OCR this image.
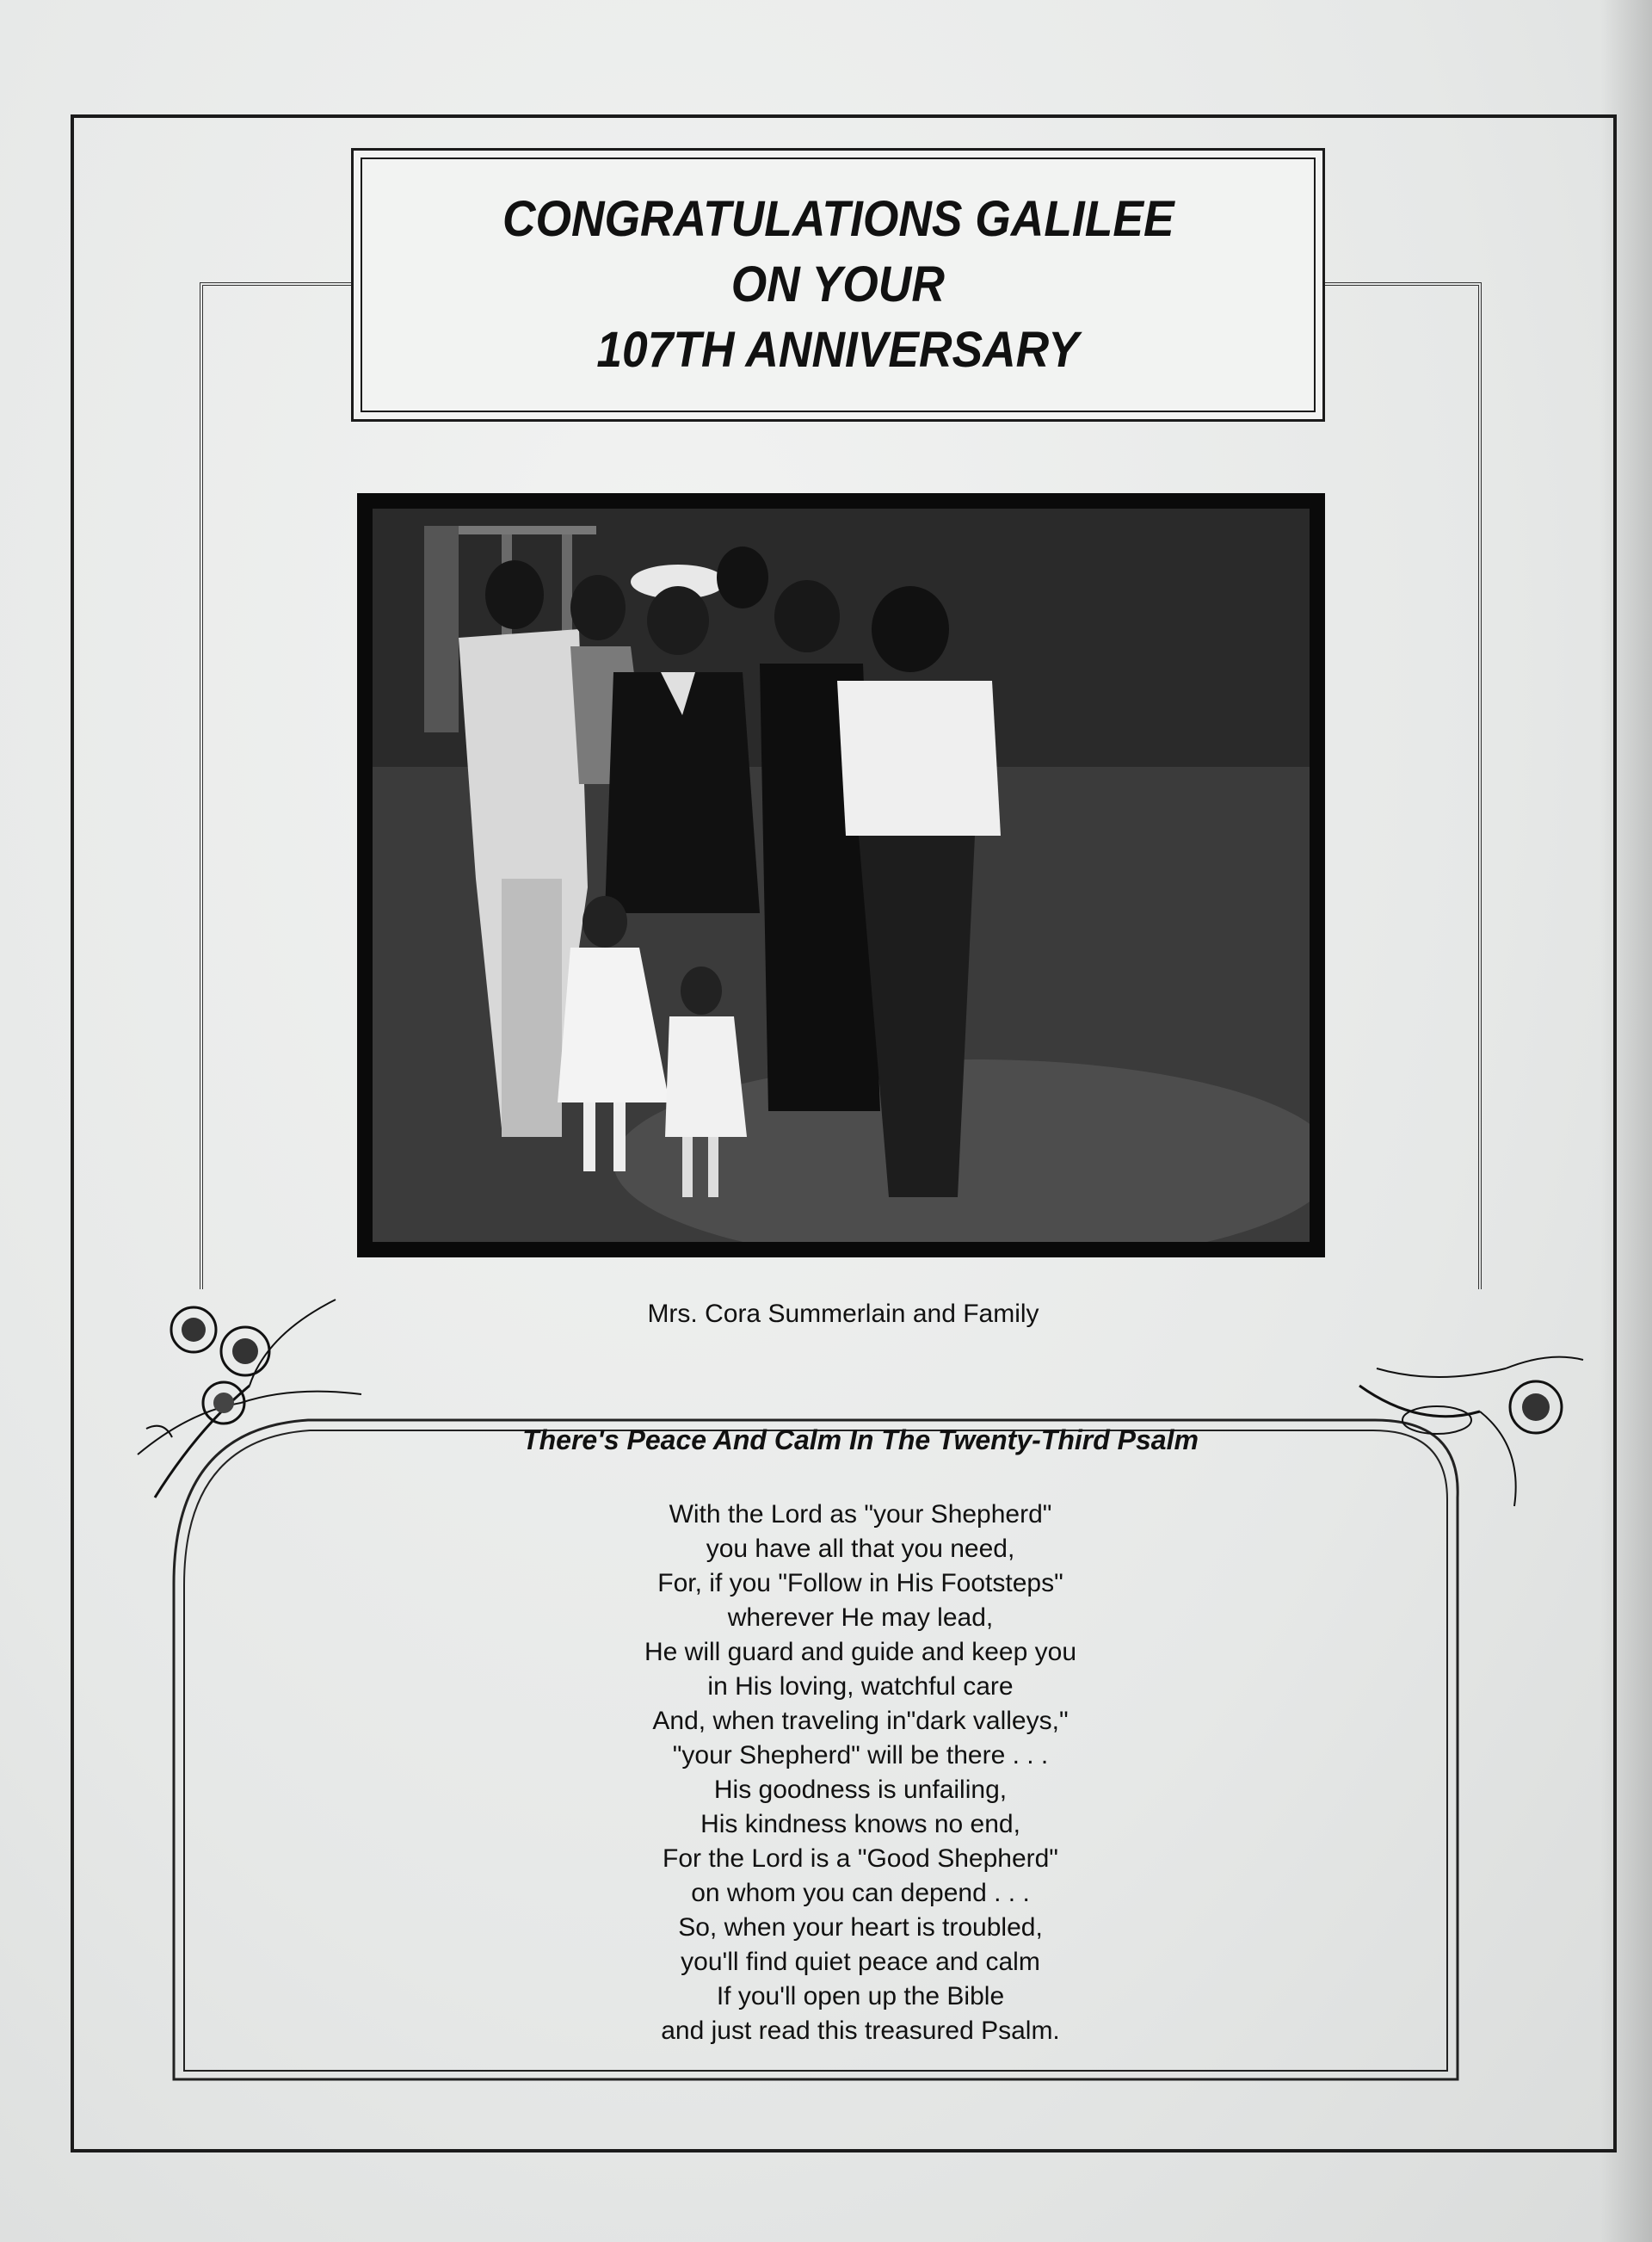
CONGRATULATIONS GALILEE
ON YOUR
107TH ANNIVERSARY
Mrs. Cora Summerlain and Family
There's Peace And Calm In The Twenty-Third Psalm
With the Lord as "your Shepherd"
you have all that you need,
For, if you "Follow in His Footsteps"
wherever He may lead,
He will guard and guide and keep you
in His loving, watchful care
And, when traveling in"dark valleys,"
"your Shepherd" will be there . . .
His goodness is unfailing,
His kindness knows no end,
For the Lord is a "Good Shepherd"
on whom you can depend . . .
So, when your heart is troubled,
you'll find quiet peace and calm
If you'll open up the Bible
and just read this treasured Psalm.
